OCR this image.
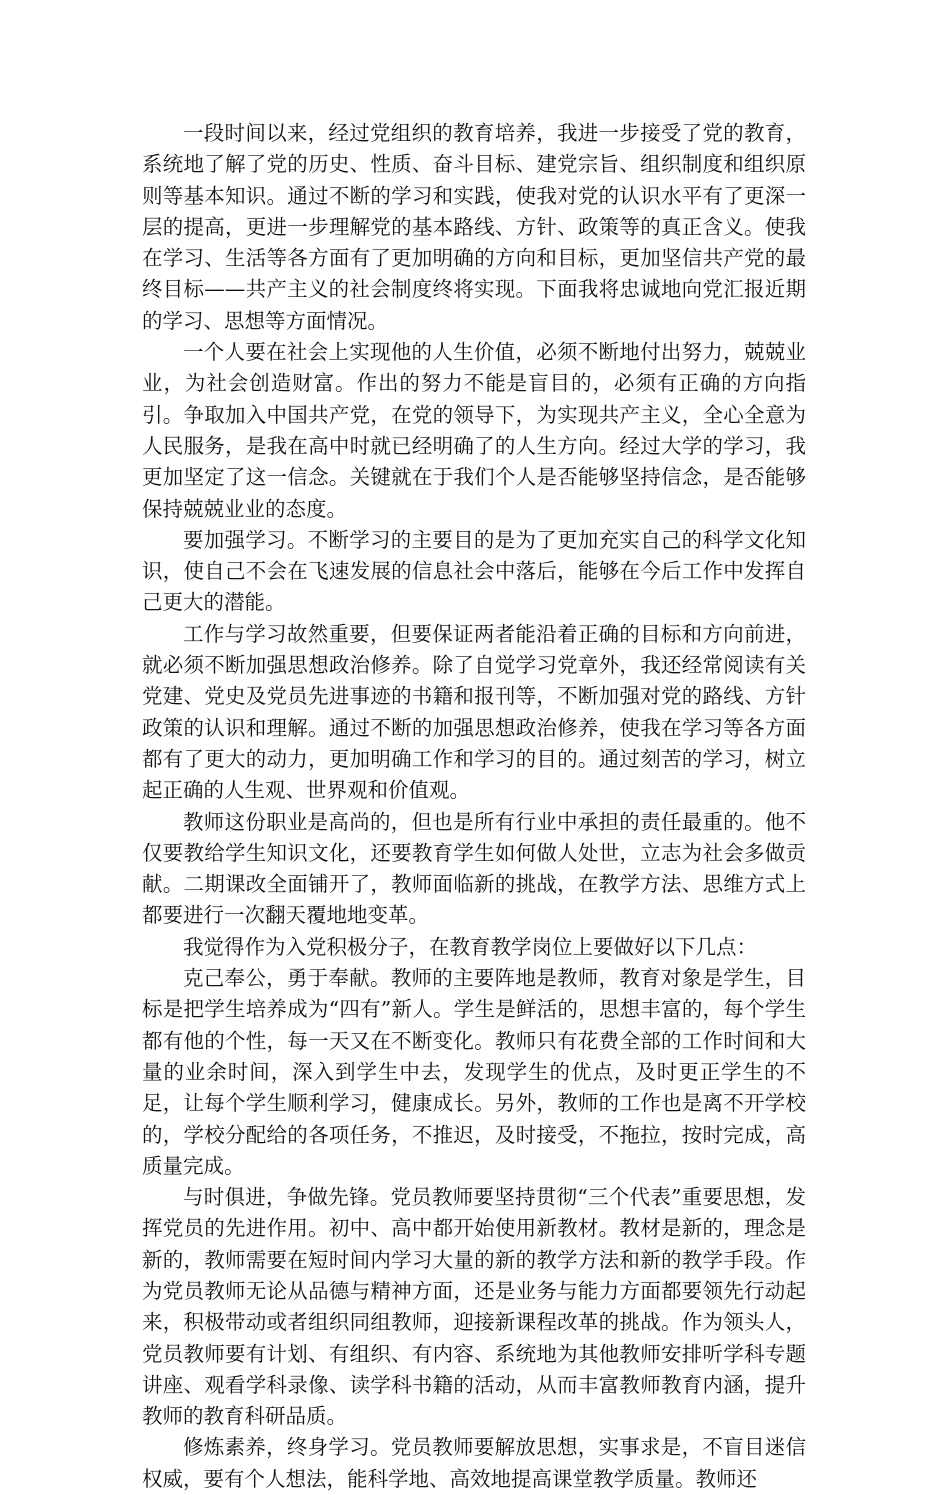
一段时间以来，经过党组织的教育培养，我进一步接受了党的教育，系统地了解了党的历史、性质、奋斗目标、建党宗旨、组织制度和组织原则等基本知识。通过不断的学习和实践，使我对党的认识水平有了更深一层的提高，更进一步理解党的基本路线、方针、政策等的真正含义。使我在学习、生活等各方面有了更加明确的方向和目标，更加坚信共产党的最终目标——共产主义的社会制度终将实现。下面我将忠诚地向党汇报近期的学习、思想等方面情况。

一个人要在社会上实现他的人生价值，必须不断地付出努力，兢兢业业，为社会创造财富。作出的努力不能是盲目的，必须有正确的方向指引。争取加入中国共产党，在党的领导下，为实现共产主义，全心全意为人民服务，是我在高中时就已经明确了的人生方向。经过大学的学习，我更加坚定了这一信念。关键就在于我们个人是否能够坚持信念，是否能够保持兢兢业业的态度。

要加强学习。不断学习的主要目的是为了更加充实自己的科学文化知识，使自己不会在飞速发展的信息社会中落后，能够在今后工作中发挥自己更大的潜能。

工作与学习故然重要，但要保证两者能沿着正确的目标和方向前进，就必须不断加强思想政治修养。除了自觉学习党章外，我还经常阅读有关党建、党史及党员先进事迹的书籍和报刊等，不断加强对党的路线、方针政策的认识和理解。通过不断的加强思想政治修养，使我在学习等各方面都有了更大的动力，更加明确工作和学习的目的。通过刻苦的学习，树立起正确的人生观、世界观和价值观。

教师这份职业是高尚的，但也是所有行业中承担的责任最重的。他不仅要教给学生知识文化，还要教育学生如何做人处世，立志为社会多做贡献。二期课改全面铺开了，教师面临新的挑战，在教学方法、思维方式上都要进行一次翻天覆地地变革。

我觉得作为入党积极分子，在教育教学岗位上要做好以下几点：

克己奉公，勇于奉献。教师的主要阵地是教师，教育对象是学生，目标是把学生培养成为“四有”新人。学生是鲜活的，思想丰富的，每个学生都有他的个性，每一天又在不断变化。教师只有花费全部的工作时间和大量的业余时间，深入到学生中去，发现学生的优点，及时更正学生的不足，让每个学生顺利学习，健康成长。另外，教师的工作也是离不开学校的，学校分配给的各项任务，不推迟，及时接受，不拖拉，按时完成，高质量完成。

与时俱进，争做先锋。党员教师要坚持贯彻“三个代表”重要思想，发挥党员的先进作用。初中、高中都开始使用新教材。教材是新的，理念是新的，教师需要在短时间内学习大量的新的教学方法和新的教学手段。作为党员教师无论从品德与精神方面，还是业务与能力方面都要领先行动起来，积极带动或者组织同组教师，迎接新课程改革的挑战。作为领头人，党员教师要有计划、有组织、有内容、系统地为其他教师安排听学科专题讲座、观看学科录像、读学科书籍的活动，从而丰富教师教育内涵，提升教师的教育科研品质。

修炼素养，终身学习。党员教师要解放思想，实事求是，不盲目迷信权威，要有个人想法，能科学地、高效地提高课堂教学质量。教师还
